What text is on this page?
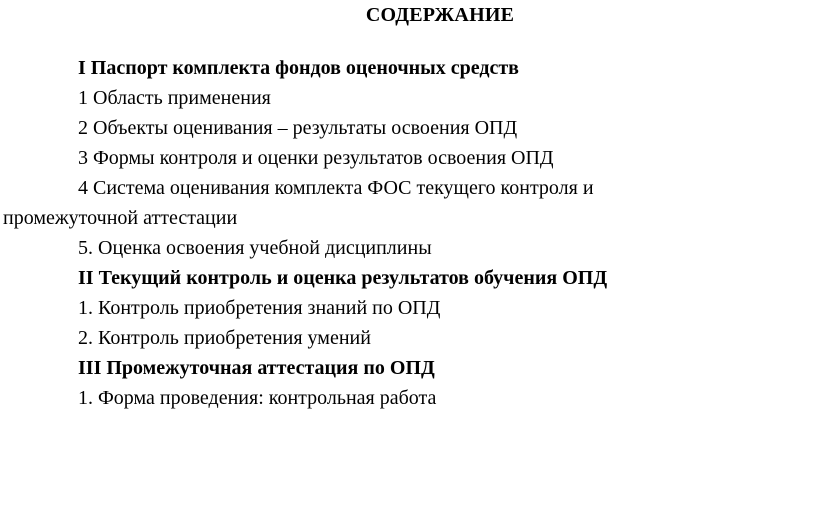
СОДЕРЖАНИЕ
I Паспорт комплекта фондов оценочных средств
1 Область применения
2 Объекты оценивания – результаты освоения ОПД
3 Формы контроля и оценки результатов освоения ОПД
4 Система оценивания комплекта ФОС текущего контроля и
промежуточной аттестации
5. Оценка освоения учебной дисциплины
II Текущий контроль и оценка результатов обучения ОПД
1. Контроль приобретения знаний по ОПД
2. Контроль приобретения умений
III Промежуточная аттестация по ОПД
1. Форма проведения: контрольная работа
